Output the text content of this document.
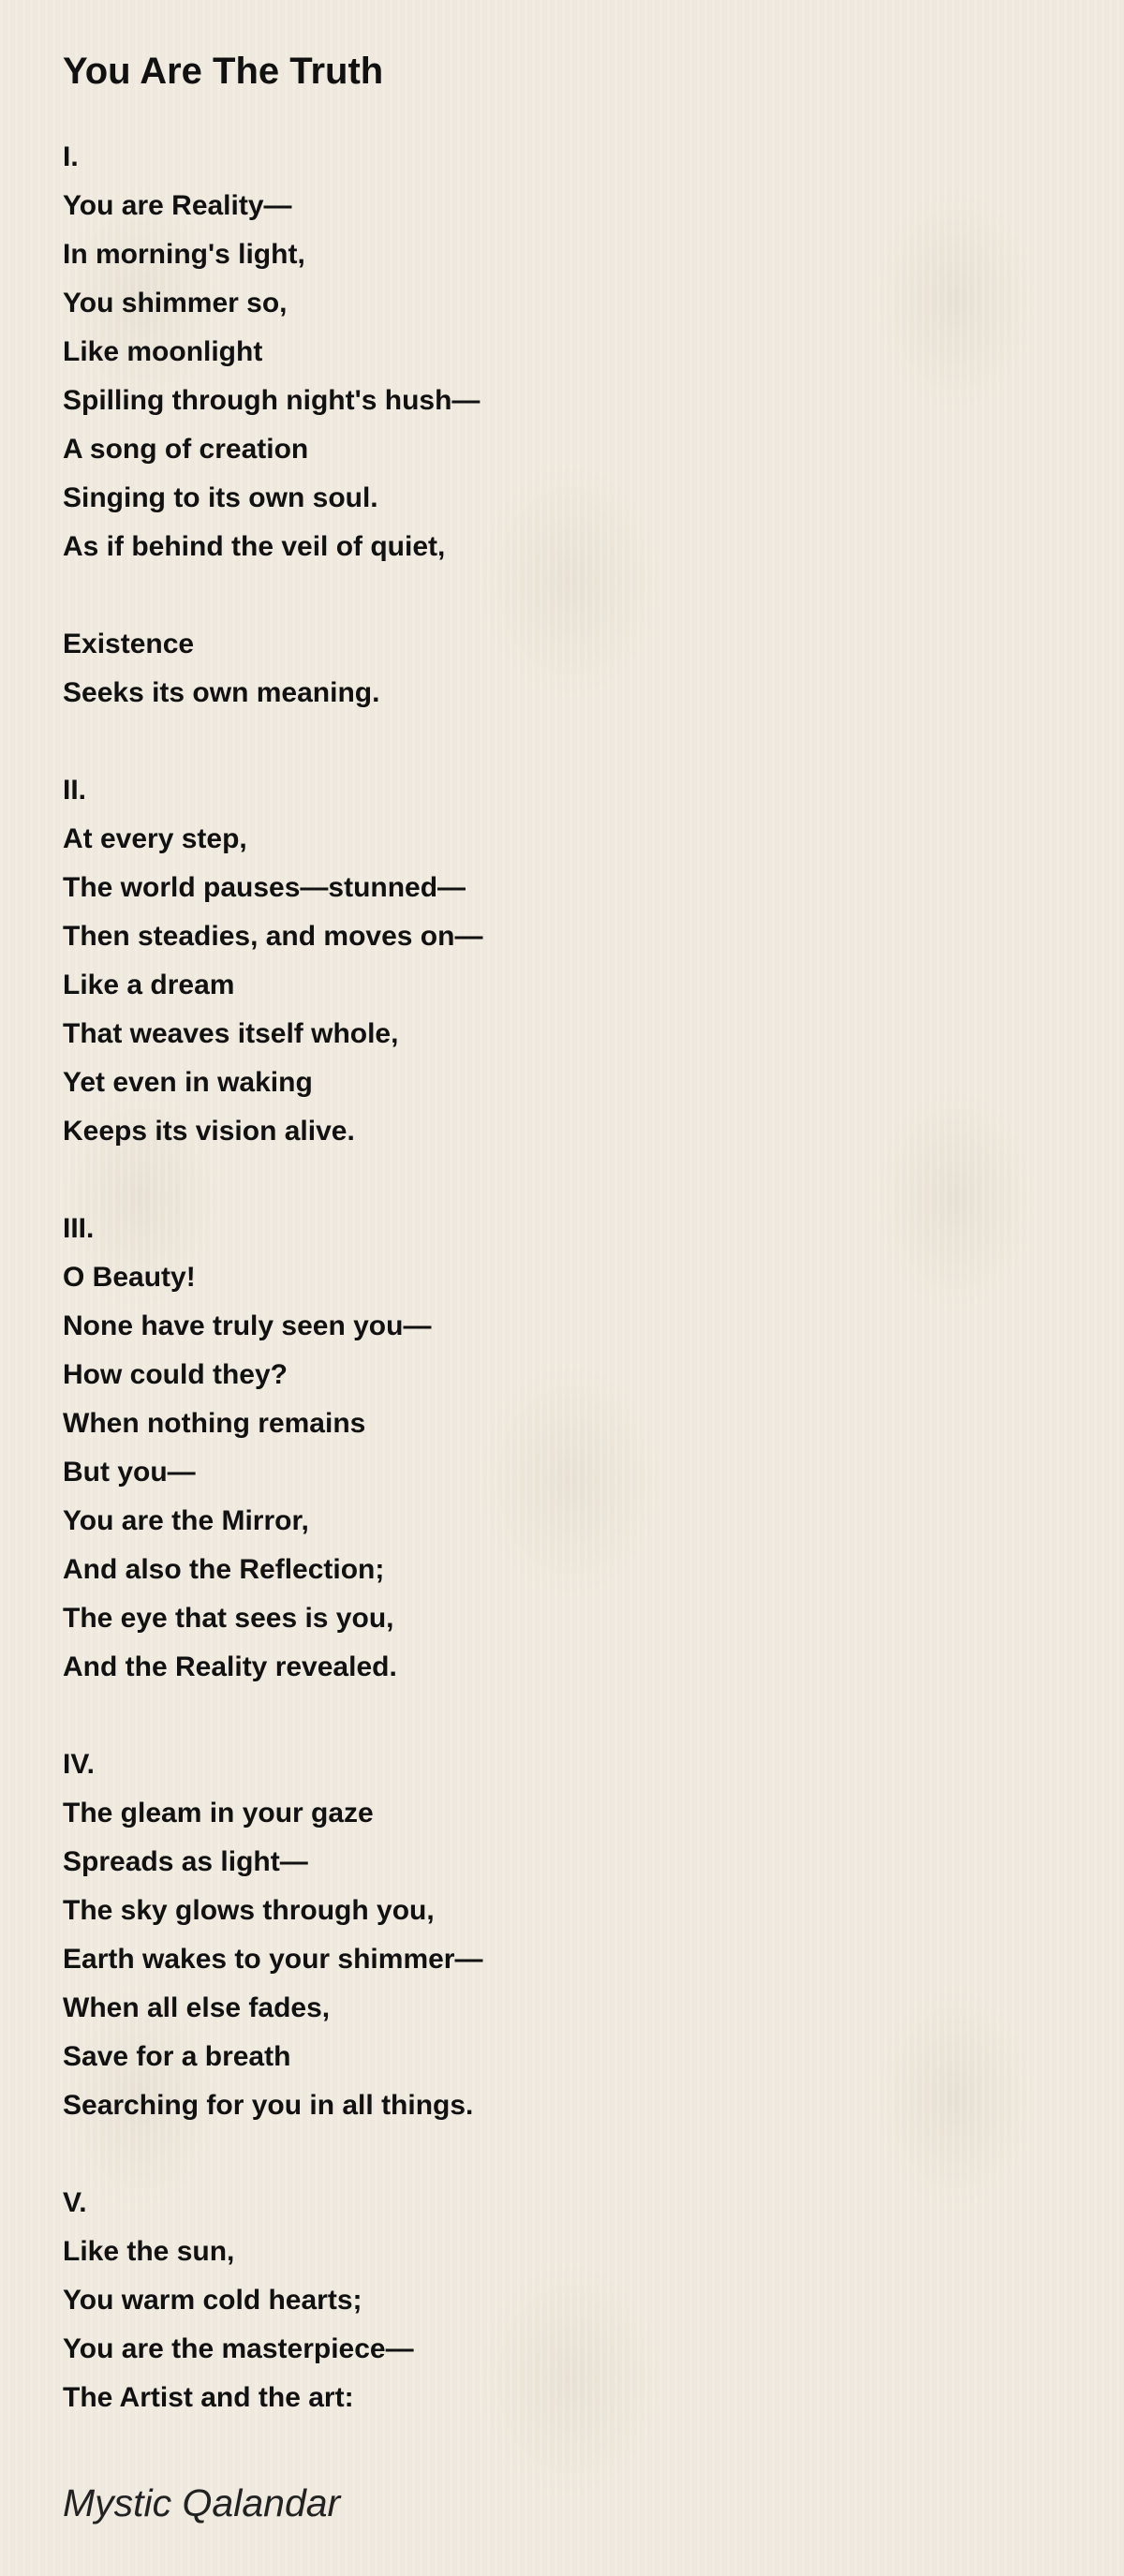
You Are The Truth
I.
You are Reality—
In morning's light,
You shimmer so,
Like moonlight
Spilling through night's hush—
A song of creation
Singing to its own soul.
As if behind the veil of quiet,
Existence
Seeks its own meaning.
II.
At every step,
The world pauses—stunned—
Then steadies, and moves on—
Like a dream
That weaves itself whole,
Yet even in waking
Keeps its vision alive.
III.
O Beauty!
None have truly seen you—
How could they?
When nothing remains
But you—
You are the Mirror,
And also the Reflection;
The eye that sees is you,
And the Reality revealed.
IV.
The gleam in your gaze
Spreads as light—
The sky glows through you,
Earth wakes to your shimmer—
When all else fades,
Save for a breath
Searching for you in all things.
V.
Like the sun,
You warm cold hearts;
You are the masterpiece—
The Artist and the art:
Mystic Qalandar
